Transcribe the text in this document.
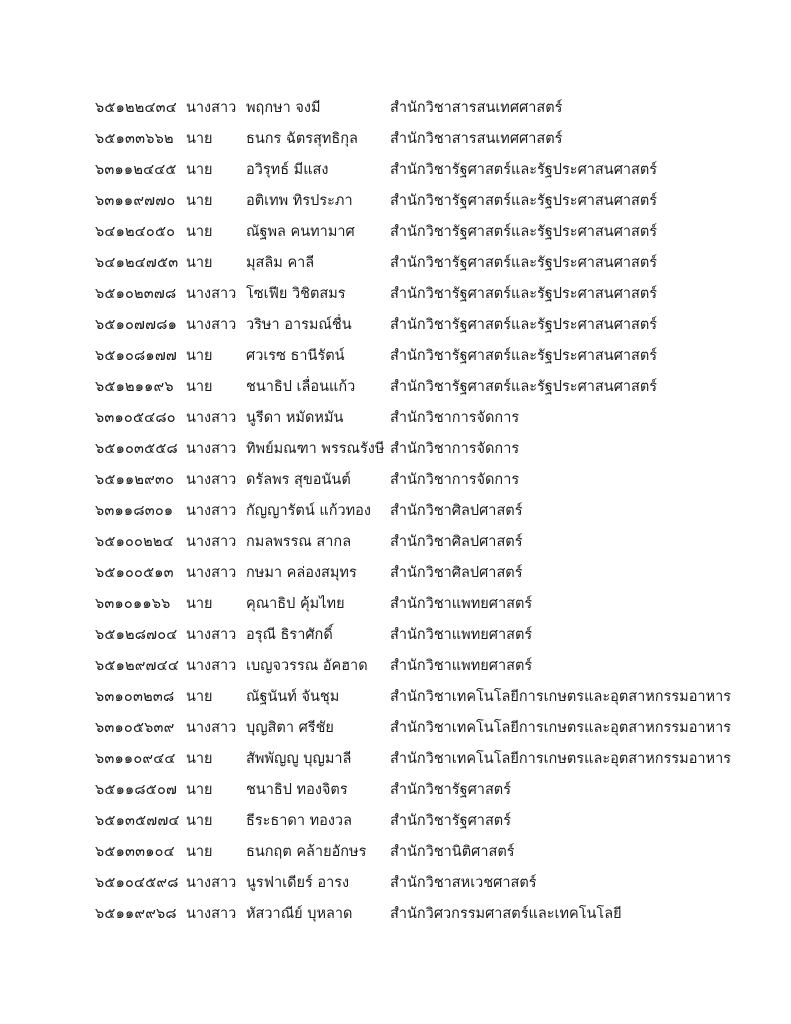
๖๕๑๒๒๔๓๔ นางสาว พฤกษา จงมี	สำนักวิชาสารสนเทศศาสตร์
๖๕๑๓๓๖๖๒ นาย ธนกร ฉัตรสุทธิกุล สำนักวิชาสารสนเทศศาสตร์
๖๓๑๑๒๔๔๕ นาย อวิรุทธ์ มีแสง	สำนักวิชารัฐศาสตร์และรัฐประศาสนศาสตร์
๖๓๑๑๙๗๗๐ นาย อติเทพ ทิรประภา	สำนักวิชารัฐศาสตร์และรัฐประศาสนศาสตร์
๖๔๑๒๔๐๕๐ นาย ณัฐพล คนทามาศ สำนักวิชารัฐศาสตร์และรัฐประศาสนศาสตร์
๖๔๑๒๔๗๕๓ นาย มุสลิม คาลี	สำนักวิชารัฐศาสตร์และรัฐประศาสนศาสตร์
๖๕๑๐๒๓๗๘ นางสาว โซเฟีย วิชิตสมร	สำนักวิชารัฐศาสตร์และรัฐประศาสนศาสตร์
๖๕๑๐๗๗๘๑ นางสาว วริษา อารมณ์ชื่น	สำนักวิชารัฐศาสตร์และรัฐประศาสนศาสตร์
๖๕๑๐๘๑๗๗ นาย ศวเรซ ธานีรัตน์	สำนักวิชารัฐศาสตร์และรัฐประศาสนศาสตร์
๖๕๑๒๑๑๙๖ นาย ชนาธิป เลื่อนแก้ว สำนักวิชารัฐศาสตร์และรัฐประศาสนศาสตร์
๖๓๑๐๕๔๘๐ นางสาว นูรีดา หมัดหมัน	สำนักวิชาการจัดการ
๖๕๑๐๓๕๕๘ นางสาว ทิพย์มณฑา พรรณรังษี สำนักวิชาการจัดการ
๖๕๑๑๒๙๓๐ นางสาว ดรัลพร สุขอนันต์	สำนักวิชาการจัดการ
๖๓๑๑๘๓๐๑ นางสาว กัญญารัตน์ แก้วทอง สำนักวิชาศิลปศาสตร์
๖๕๑๐๐๒๒๔ นางสาว กมลพรรณ สากล	สำนักวิชาศิลปศาสตร์
๖๕๑๐๐๕๑๓ นางสาว กษมา คล่องสมุทร สำนักวิชาศิลปศาสตร์
๖๓๑๐๑๑๖๖ นาย คุณาธิป คุ้มไทย	สำนักวิชาแพทยศาสตร์
๖๕๑๒๘๗๐๔ นางสาว อรุณี ธิราศักดิ์	สำนักวิชาแพทยศาสตร์
๖๕๑๒๙๗๔๔ นางสาว เบญจวรรณ อัคฮาด สำนักวิชาแพทยศาสตร์
๖๓๑๐๓๒๓๘ นาย ณัฐนันท์ จันชุม	สำนักวิชาเทคโนโลยีการเกษตรและอุตสาหกรรมอาหาร
๖๓๑๐๕๖๓๙ นางสาว บุญสิตา ศรีชัย	สำนักวิชาเทคโนโลยีการเกษตรและอุตสาหกรรมอาหาร
๖๓๑๑๐๙๔๔ นาย สัพพัญญู บุญมาลี	สำนักวิชาเทคโนโลยีการเกษตรและอุตสาหกรรมอาหาร
๖๕๑๑๘๕๐๗ นาย ชนาธิป ทองจิตร	สำนักวิชารัฐศาสตร์
๖๕๑๓๕๗๗๔ นาย ธีระธาดา ทองวล	สำนักวิชารัฐศาสตร์
๖๕๑๓๓๑๐๔ นาย ธนกฤต คล้ายอักษร สำนักวิชานิติศาสตร์
๖๕๑๐๔๕๙๘ นางสาว นูรฟาเดียร์ อารง	สำนักวิชาสหเวชศาสตร์
๖๕๑๑๙๙๖๘ นางสาว หัสวาณีย์ บุหลาด	สำนักวิศวกรรมศาสตร์และเทคโนโลยี
